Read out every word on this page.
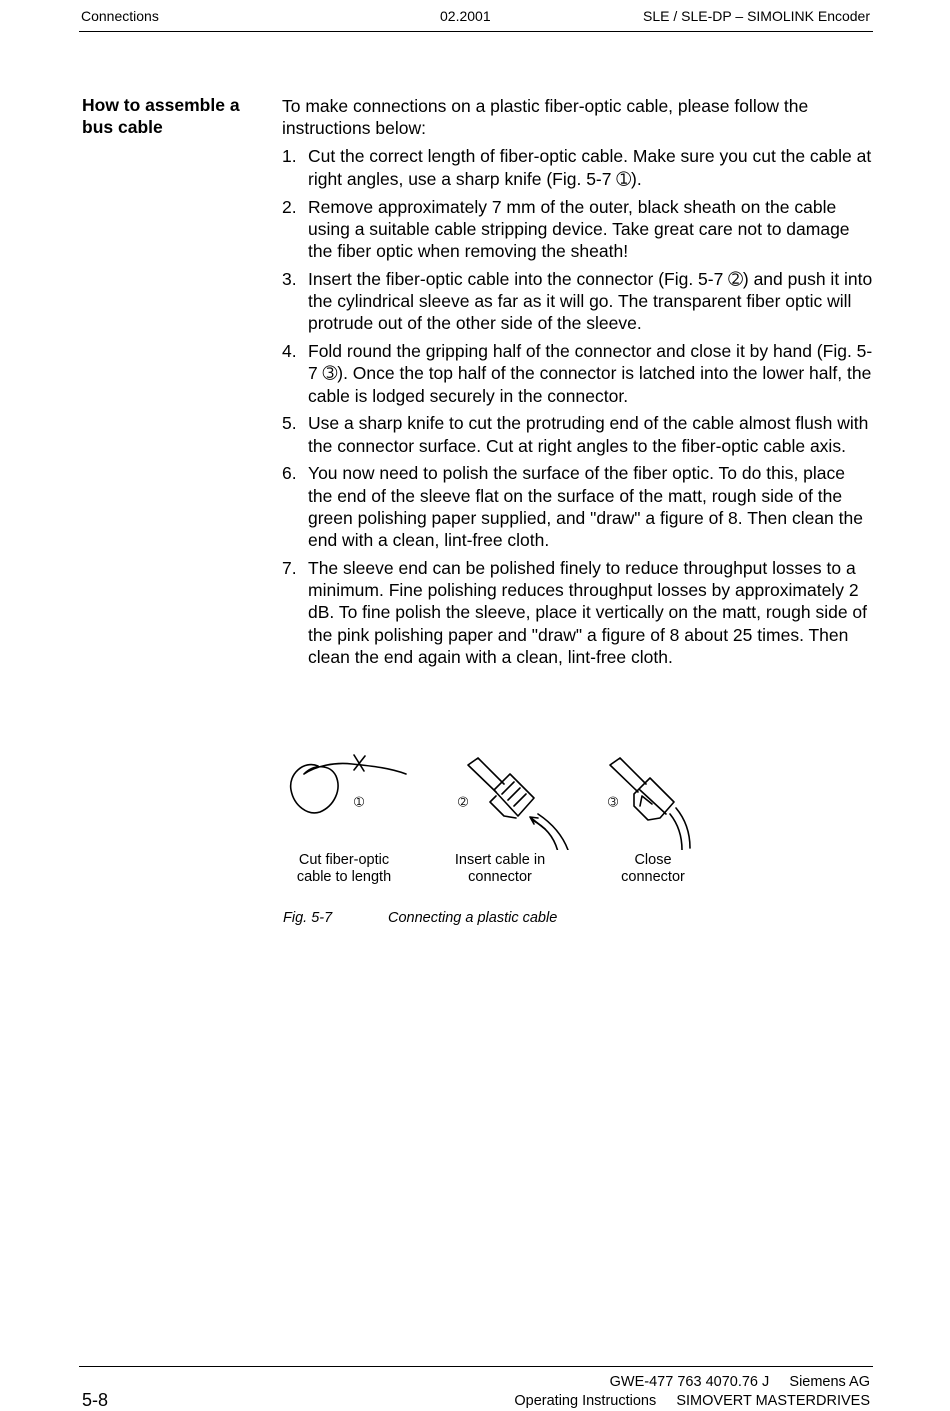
Connections	02.2001	SLE / SLE-DP – SIMOLINK Encoder
How to assemble a bus cable

To make connections on a plastic fiber-optic cable, please follow the instructions below:

1. Cut the correct length of fiber-optic cable. Make sure you cut the cable at right angles, use a sharp knife (Fig. 5-7 ➀).
2. Remove approximately 7 mm of the outer, black sheath on the cable using a suitable cable stripping device. Take great care not to damage the fiber optic when removing the sheath!
3. Insert the fiber-optic cable into the connector (Fig. 5-7 ➁) and push it into the cylindrical sleeve as far as it will go. The transparent fiber optic will protrude out of the other side of the sleeve.
4. Fold round the gripping half of the connector and close it by hand (Fig. 5-7 ➂). Once the top half of the connector is latched into the lower half, the cable is lodged securely in the connector.
5. Use a sharp knife to cut the protruding end of the cable almost flush with the connector surface. Cut at right angles to the fiber-optic cable axis.
6. You now need to polish the surface of the fiber optic. To do this, place the end of the sleeve flat on the surface of the matt, rough side of the green polishing paper supplied, and "draw" a figure of 8. Then clean the end with a clean, lint-free cloth.
7. The sleeve end can be polished finely to reduce throughput losses to a minimum. Fine polishing reduces throughput losses by approximately 2 dB. To fine polish the sleeve, place it vertically on the matt, rough side of the pink polishing paper and "draw" a figure of 8 about 25 times. Then clean the end again with a clean, lint-free cloth.
➀	➁	➂
Cut fiber-optic cable to length
Insert cable in connector
Close connector
Fig. 5-7	Connecting a plastic cable
GWE-477 763 4070.76 J     Siemens AG
5-8	Operating Instructions     SIMOVERT MASTERDRIVES
